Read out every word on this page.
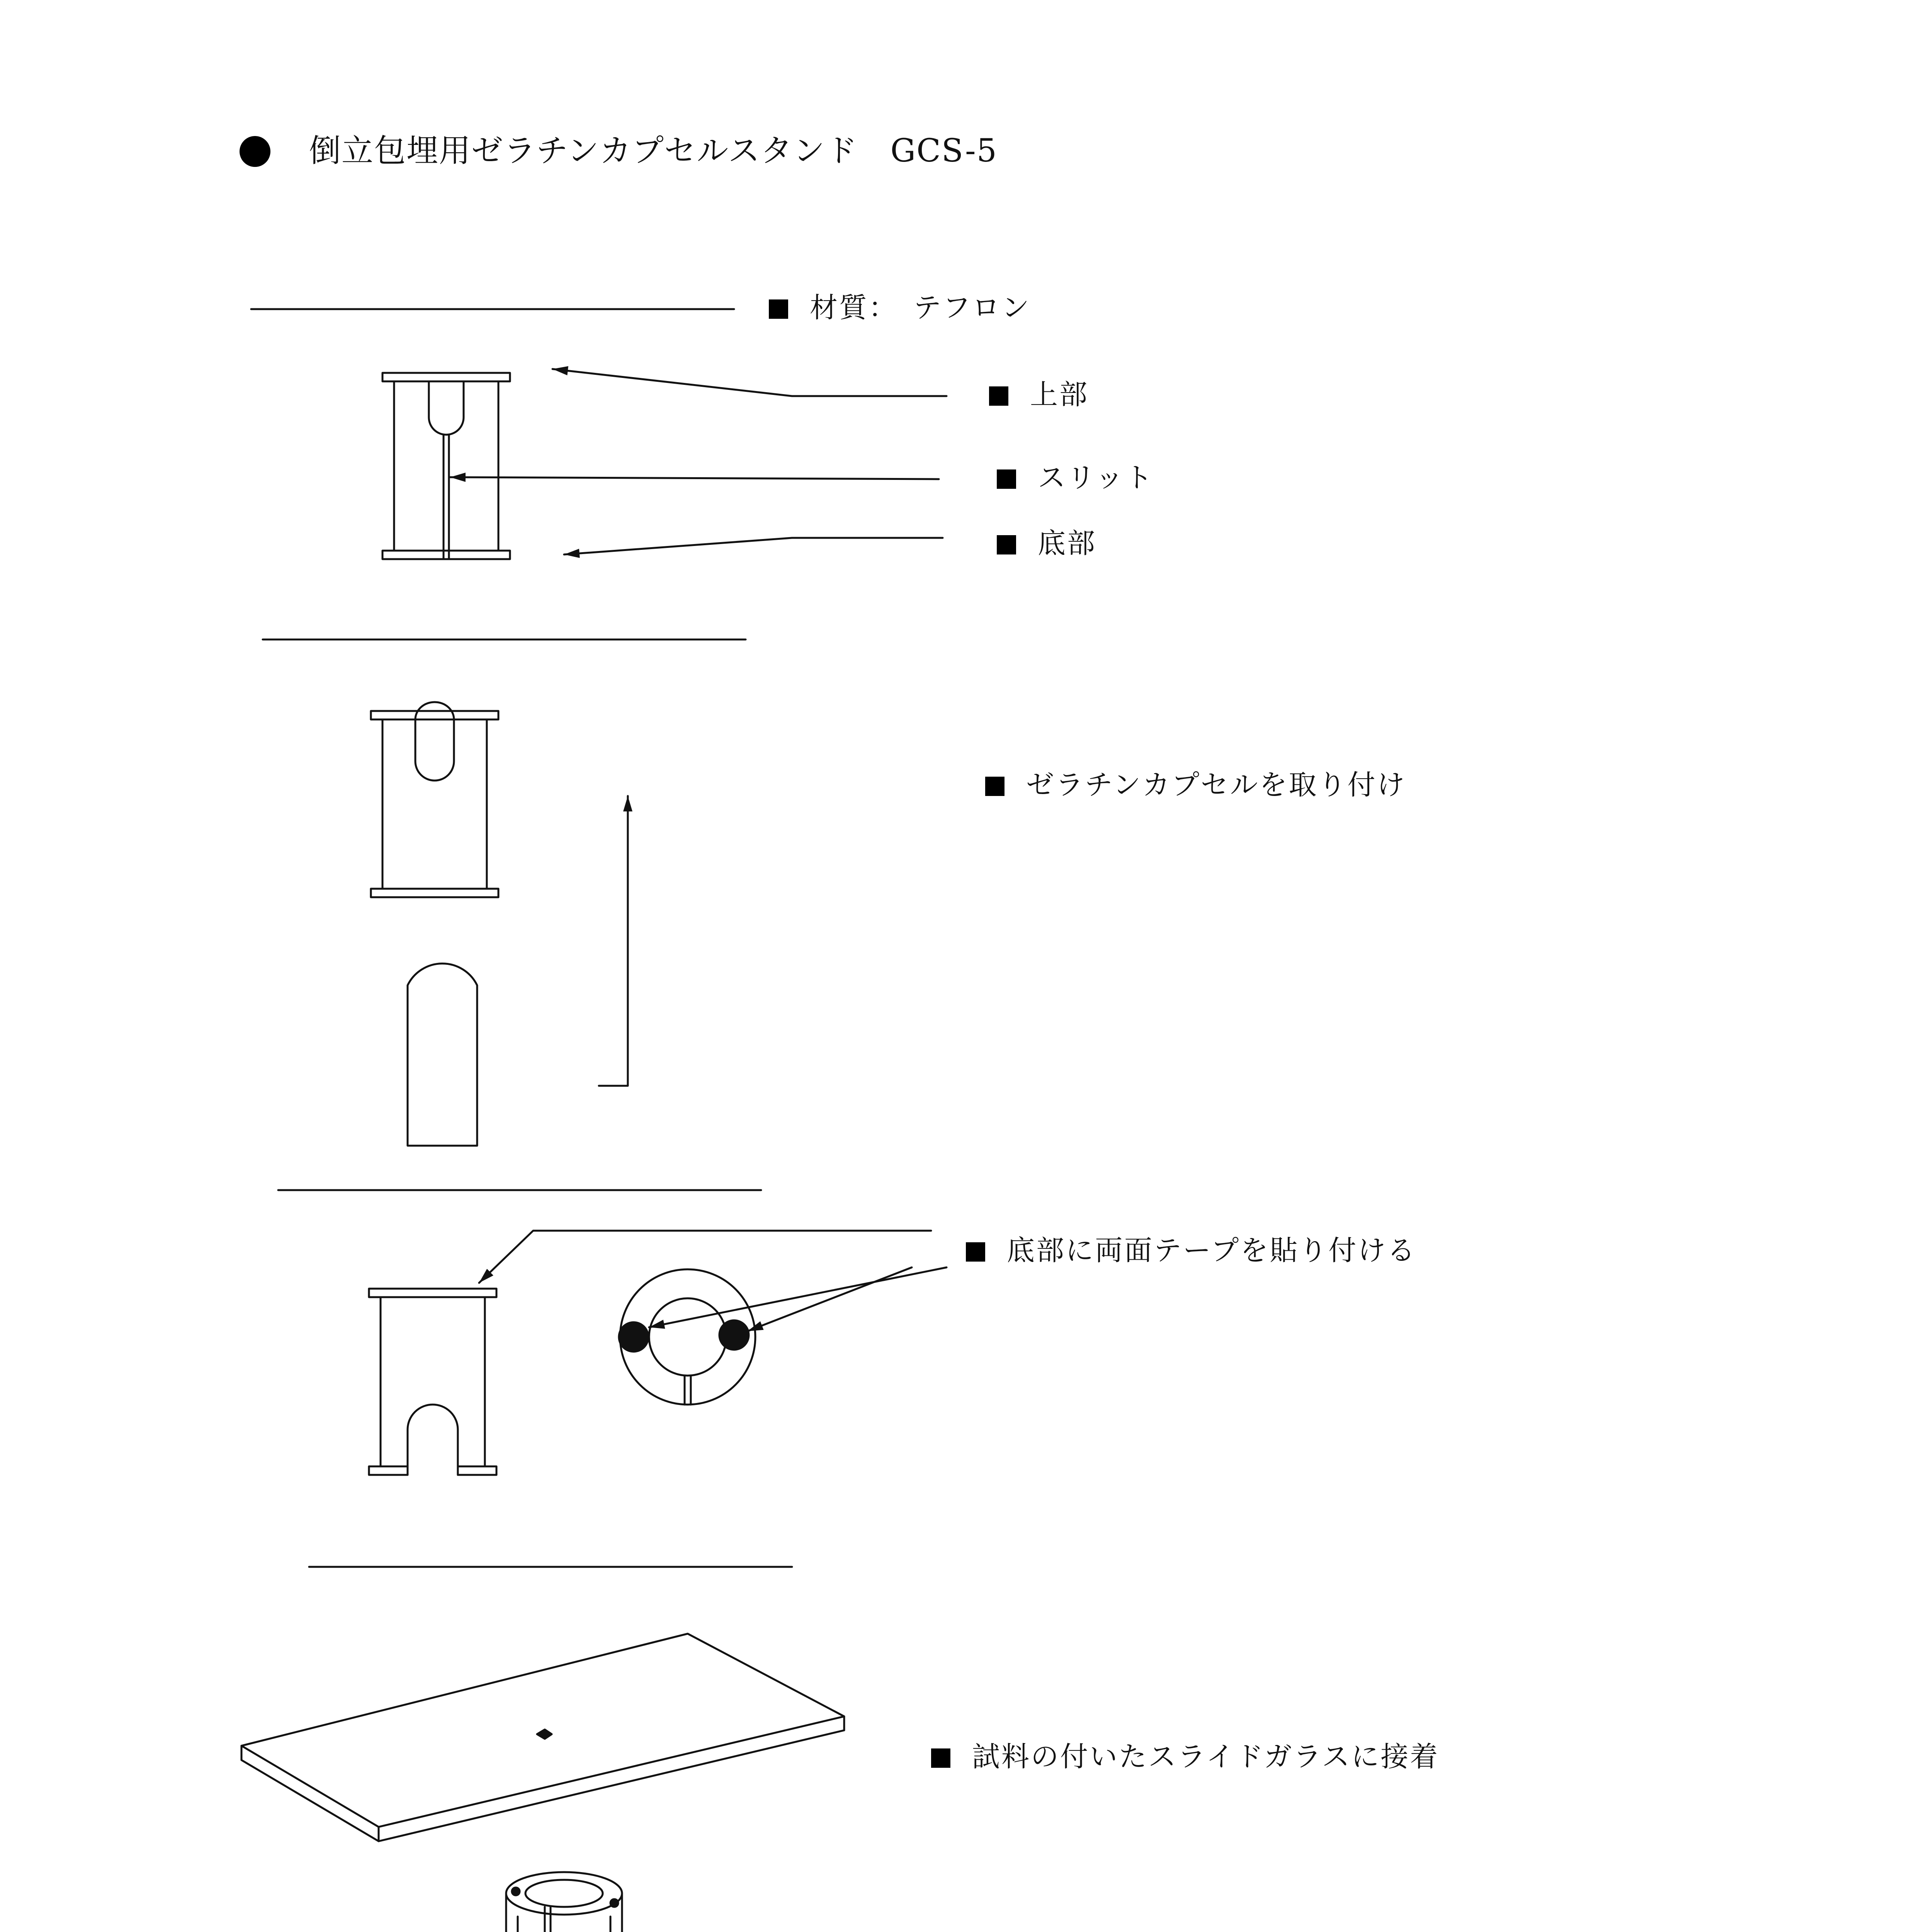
倒立包埋用ゼラチンカプセルスタンド　GCS-5
材質：　テフロン
上部
スリット
底部
ゼラチンカプセルを取り付け
底部に両面テープを貼り付ける
試料の付いたスライドガラスに接着
